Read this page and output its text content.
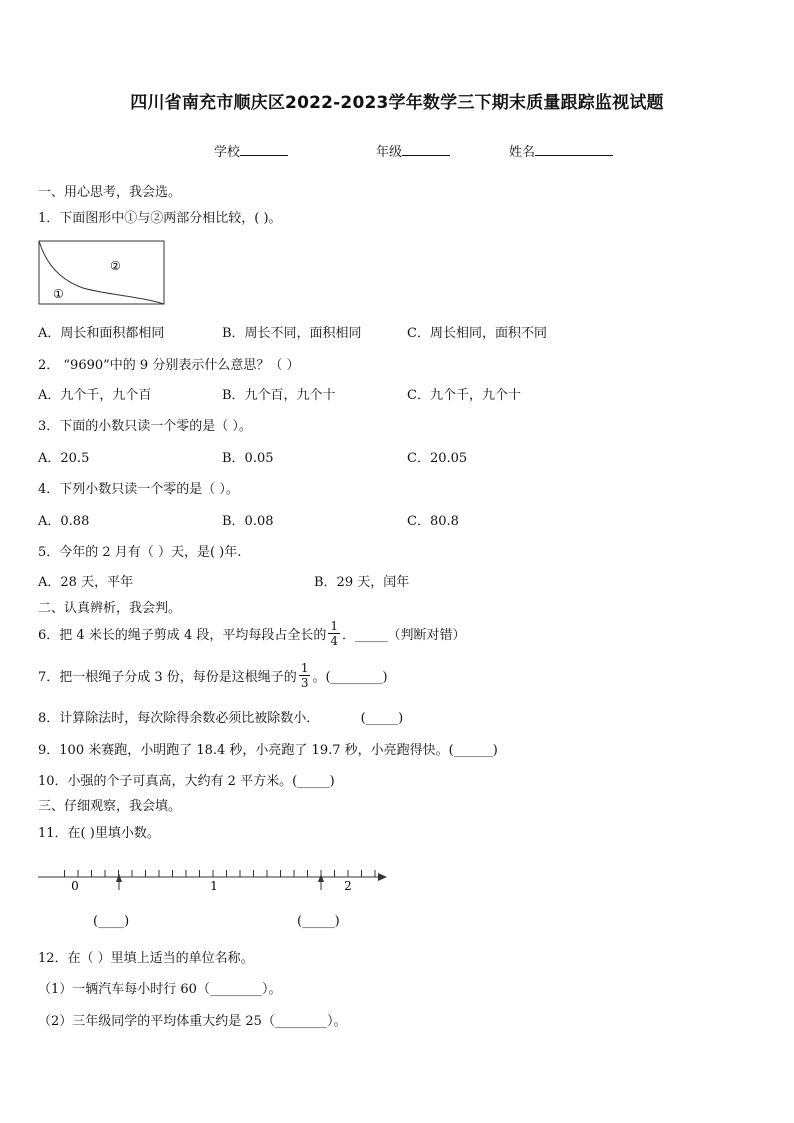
四川省南充市顺庆区2022-2023学年数学三下期末质量跟踪监视试题
学校	年级	姓名
一、用心思考，我会选。
1．下面图形中①与②两部分相比较，( )。
②
①
A．周长和面积都相同	B．周长不同，面积相同	C．周长相同，面积不同
2． “9690”中的 9 分别表示什么意思？（ ）
A．九个千，九个百	B．九个百，九个十	C．九个千，九个十
3．下面的小数只读一个零的是（ ）。
A．20.5	B．0.05	C．20.05
4．下列小数只读一个零的是（ ）。
A．0.88	B．0.08	C．80.8
5．今年的 2 月有（ ）天，是( )年.
A．28 天，平年	B．29 天，闰年
二、认真辨析，我会判。
6．把 4 米长的绳子剪成 4 段，平均每段占全长的 $\frac{1}{4}$ ．_____（判断对错）
7．把一根绳子分成 3 份，每份是这根绳子的 $\frac{1}{3}$ 。(________)
8．计算除法时，每次除得余数必须比被除数小．          (_____)
9．100 米赛跑，小明跑了 18.4 秒，小亮跑了 19.7 秒，小亮跑得快。(______)
10．小强的个子可真高，大约有 2 平方米。(_____)
三、仔细观察，我会填。
11．在( )里填小数。
0	1	2
(____)	(_____)
12．在（ ）里填上适当的单位名称。
（1）一辆汽车每小时行 60（________）。
（2）三年级同学的平均体重大约是 25（________）。
